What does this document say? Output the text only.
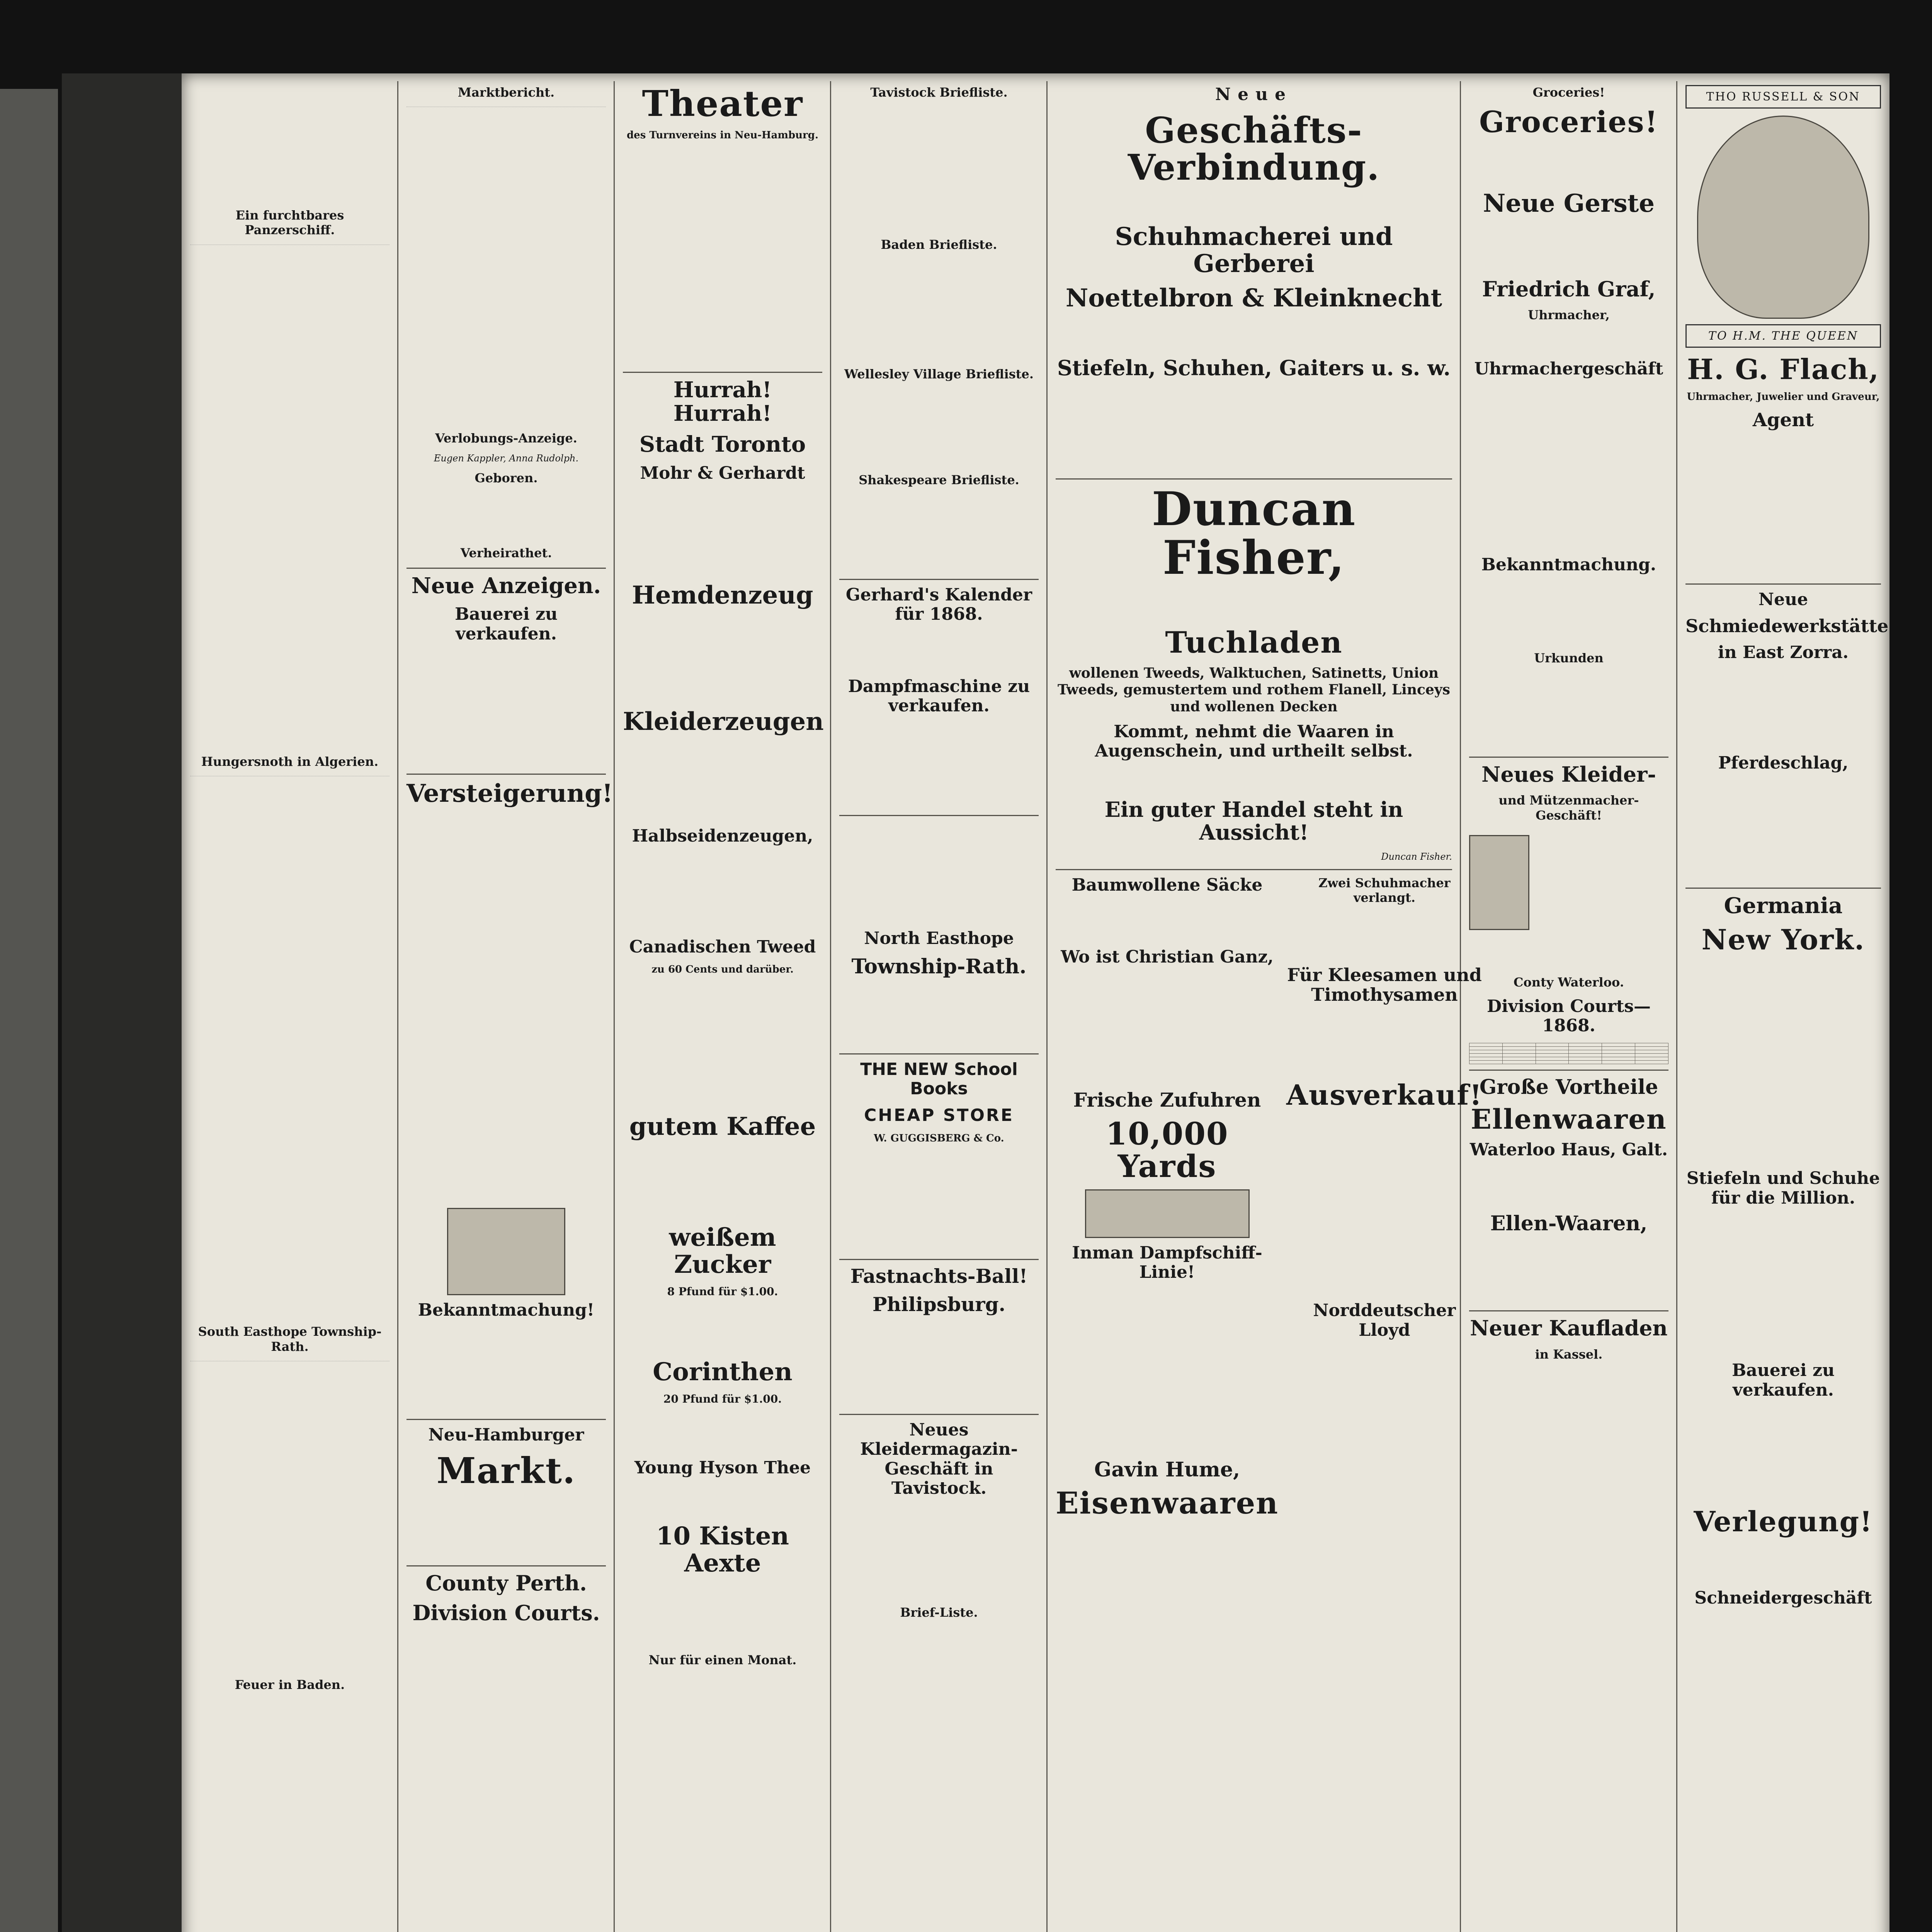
Ein furchtbares Panzerschiff.
Hungersnoth in Algerien.
South Easthope Township-Rath.
Feuer in Baden.
Marktbericht.
Verlobungs-Anzeige.
Eugen Kappler, Anna Rudolph.
Geboren.
Verheirathet.
Neue Anzeigen.
Bauerei zu verkaufen.
Versteigerung!
Bekanntmachung!
Neu-Hamburger
Markt.
County Perth.
Division Courts.
Theater
des Turnvereins in Neu-Hamburg.
Hurrah! Hurrah!
Stadt Toronto
Mohr & Gerhardt
Hemdenzeug
Kleiderzeugen
Halbseidenzeugen,
Canadischen Tweed
zu 60 Cents und darüber.
gutem Kaffee
weißem Zucker
8 Pfund für $1.00.
Corinthen
20 Pfund für $1.00.
Young Hyson Thee
10 Kisten Aexte
Nur für einen Monat.
Tavistock Briefliste.
Baden Briefliste.
Wellesley Village Briefliste.
Shakespeare Briefliste.
Gerhard's Kalender für 1868.
Dampfmaschine zu verkaufen.
North Easthope
Township-Rath.
THE NEW School Books
CHEAP STORE
W. GUGGISBERG & Co.
Fastnachts-Ball!
Philipsburg.
Neues Kleidermagazin-Geschäft in Tavistock.
Brief-Liste.
Neue
Geschäfts-Verbindung.
Schuhmacherei und Gerberei
Noettelbron & Kleinknecht
Stiefeln, Schuhen, Gaiters u. s. w.
Duncan Fisher,
Tuchladen
wollenen Tweeds, Walktuchen, Satinetts, Union Tweeds, gemustertem und rothem Flanell, Linceys und wollenen Decken
Kommt, nehmt die Waaren in Augenschein, und urtheilt selbst.
Ein guter Handel steht in Aussicht!
Duncan Fisher.
Baumwollene Säcke
Wo ist Christian Ganz,
Frische Zufuhren
10,000 Yards
Inman Dampfschiff-Linie!
Gavin Hume,
Eisenwaaren
Zwei Schuhmacher verlangt.
Für Kleesamen und Timothysamen
Ausverkauf!
Norddeutscher Lloyd
Groceries!
Groceries!
Neue Gerste
Friedrich Graf,
Uhrmacher,
Uhrmachergeschäft
Bekanntmachung.
Urkunden
Neues Kleider-
und Mützenmacher-Geschäft!
Conty Waterloo.
Division Courts—1868.

Große Vortheile
Ellenwaaren
Waterloo Haus, Galt.
Ellen-Waaren,
Neuer Kaufladen
in Kassel.
THO RUSSELL & SON
TO H.M. THE QUEEN
H. G. Flach,
Uhrmacher, Juwelier und Graveur,
Agent
Neue
Schmiedewerkstätte
in East Zorra.
Pferdeschlag,
Germania
New York.
Stiefeln und Schuhe für die Million.
Bauerei zu verkaufen.
Verlegung!
Schneidergeschäft
